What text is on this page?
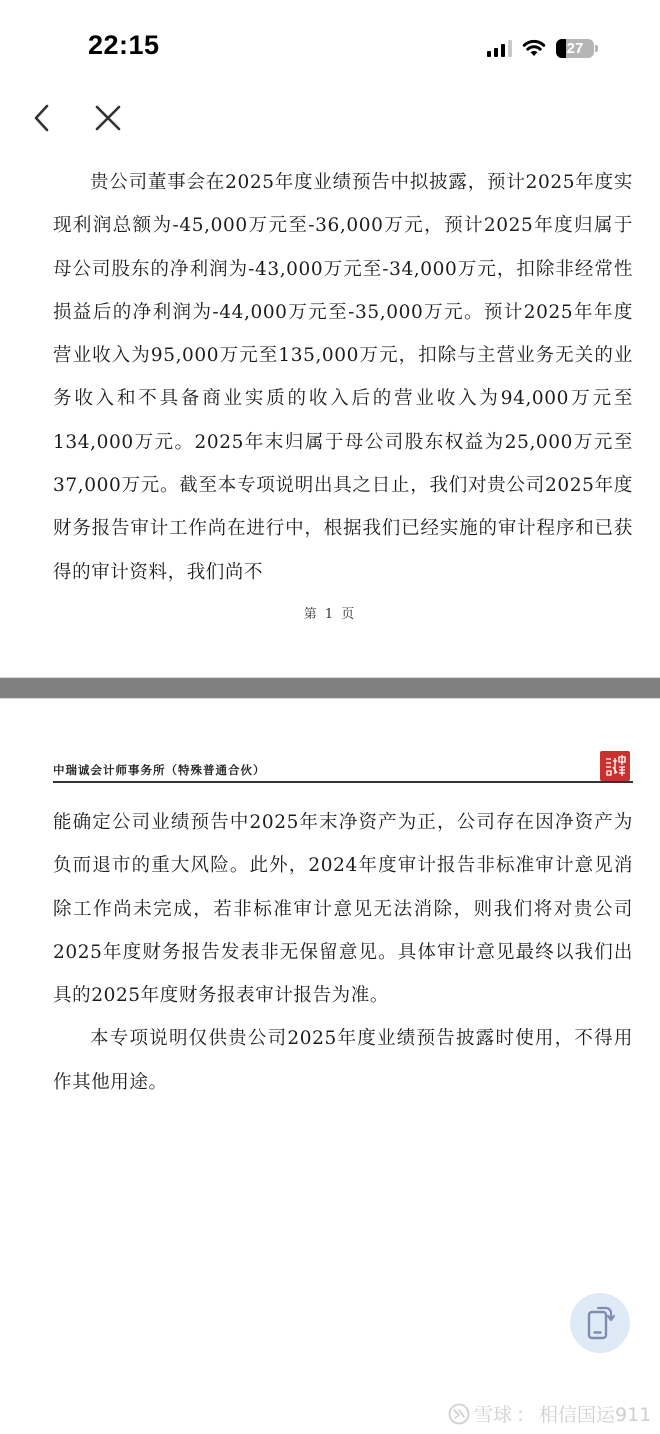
22:15	27

贵公司董事会在2025年度业绩预告中拟披露，预计2025年度实现利润总额为-45,000万元至-36,000万元，预计2025年度归属于母公司股东的净利润为-43,000万元至-34,000万元，扣除非经常性损益后的净利润为-44,000万元至-35,000万元。预计2025年年度营业收入为95,000万元至135,000万元，扣除与主营业务无关的业务收入和不具备商业实质的收入后的营业收入为94,000万元至134,000万元。2025年末归属于母公司股东权益为25,000万元至37,000万元。截至本专项说明出具之日止，我们对贵公司2025年度财务报告审计工作尚在进行中，根据我们已经实施的审计程序和已获得的审计资料，我们尚不

第 1 页
中瑞诚会计师事务所（特殊普通合伙）

能确定公司业绩预告中2025年末净资产为正，公司存在因净资产为负而退市的重大风险。此外，2024年度审计报告非标准审计意见消除工作尚未完成，若非标准审计意见无法消除，则我们将对贵公司2025年度财务报告发表非无保留意见。具体审计意见最终以我们出具的2025年度财务报表审计报告为准。

本专项说明仅供贵公司2025年度业绩预告披露时使用，不得用作其他用途。

雪球 ： 相信国运911
